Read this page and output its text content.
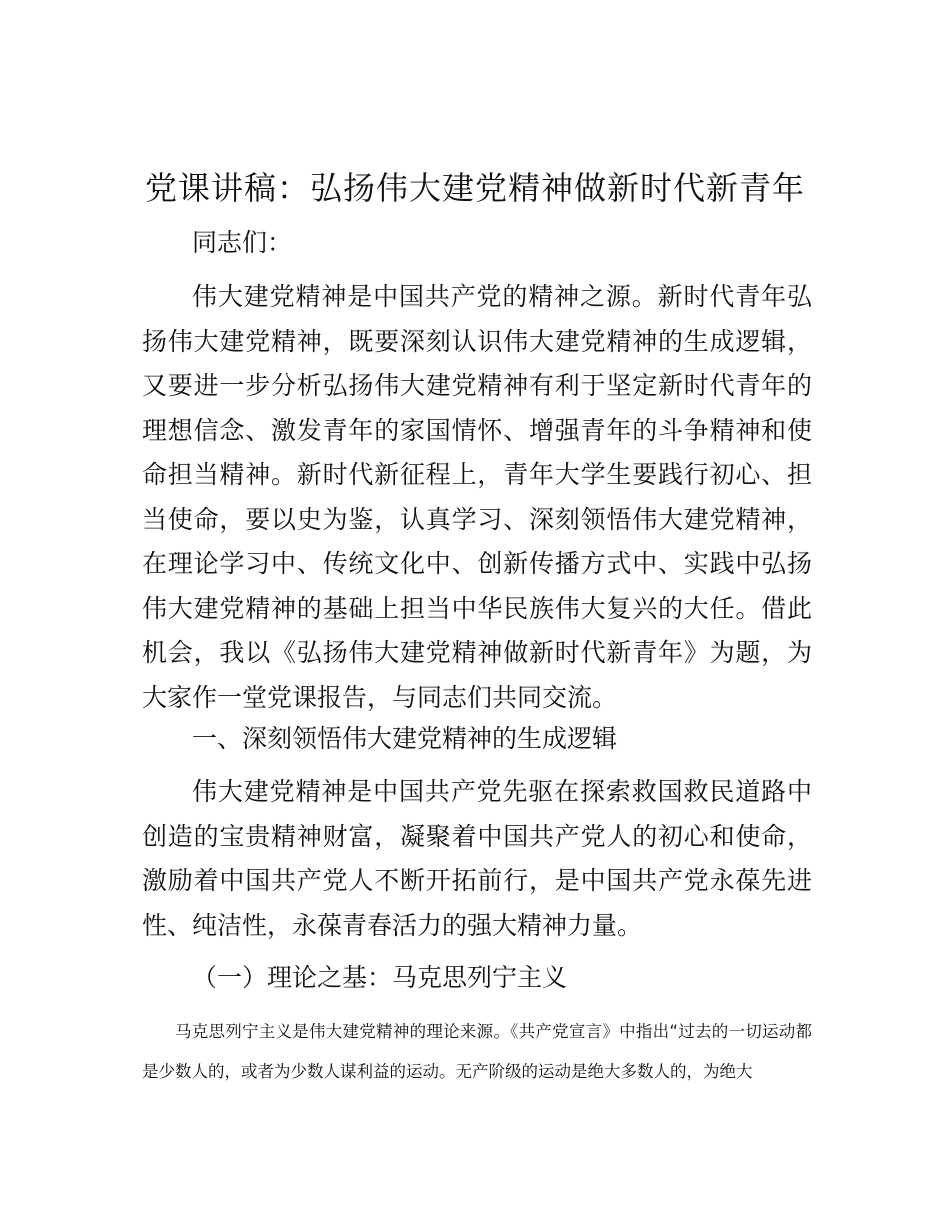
党课讲稿：弘扬伟大建党精神做新时代新青年

同志们：

伟大建党精神是中国共产党的精神之源。新时代青年弘扬伟大建党精神，既要深刻认识伟大建党精神的生成逻辑，又要进一步分析弘扬伟大建党精神有利于坚定新时代青年的理想信念、激发青年的家国情怀、增强青年的斗争精神和使命担当精神。新时代新征程上，青年大学生要践行初心、担当使命，要以史为鉴，认真学习、深刻领悟伟大建党精神，在理论学习中、传统文化中、创新传播方式中、实践中弘扬伟大建党精神的基础上担当中华民族伟大复兴的大任。借此机会，我以《弘扬伟大建党精神做新时代新青年》为题，为大家作一堂党课报告，与同志们共同交流。

一、深刻领悟伟大建党精神的生成逻辑

伟大建党精神是中国共产党先驱在探索救国救民道路中创造的宝贵精神财富，凝聚着中国共产党人的初心和使命，激励着中国共产党人不断开拓前行，是中国共产党永葆先进性、纯洁性，永葆青春活力的强大精神力量。

（一）理论之基：马克思列宁主义

马克思列宁主义是伟大建党精神的理论来源。《共产党宣言》中指出“过去的一切运动都是少数人的，或者为少数人谋利益的运动。无产阶级的运动是绝大多数人的，为绝大
